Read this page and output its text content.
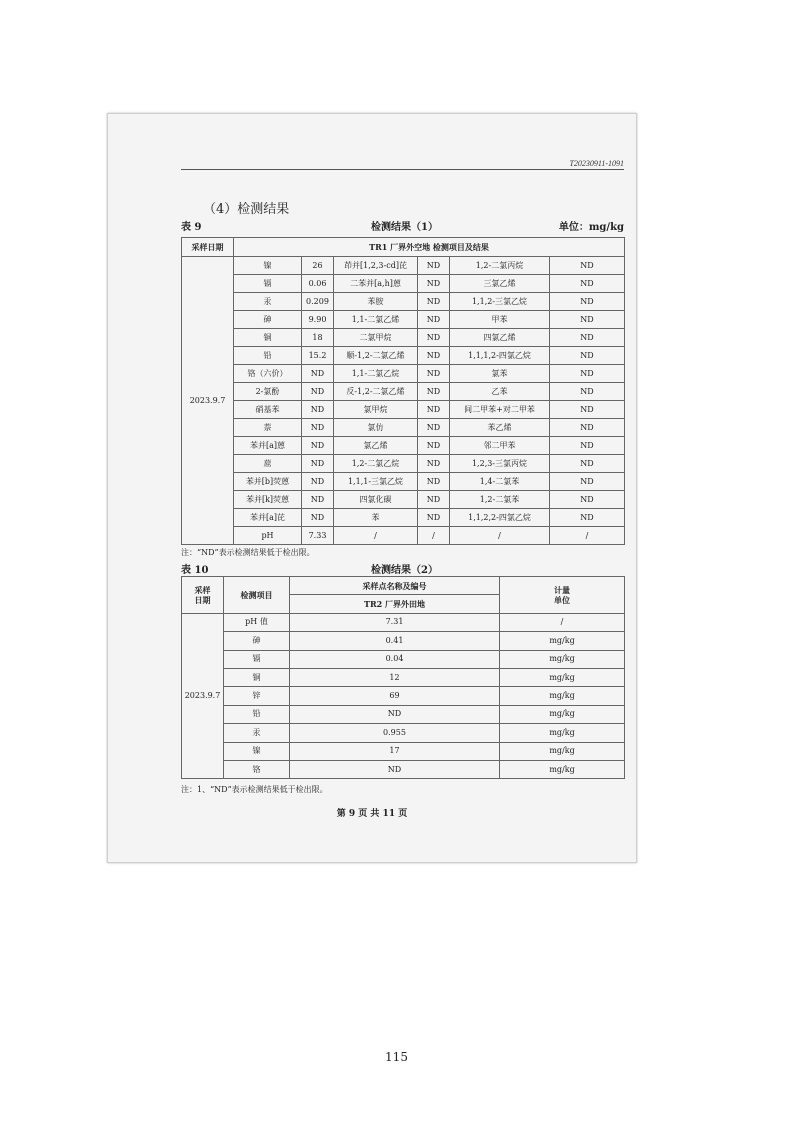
T20230911-1091
（4）检测结果
表 9	检测结果（1）	单位：mg/kg
采样日期	TR1 厂界外空地 检测项目及结果					
2023.9.7	镍	26	茚并[1,2,3-cd]芘	ND	1,2-二氯丙烷	ND
	镉	0.06	二苯并[a,h]蒽	ND	三氯乙烯	ND
	汞	0.209	苯胺	ND	1,1,2-三氯乙烷	ND
	砷	9.90	1,1-二氯乙烯	ND	甲苯	ND
	铜	18	二氯甲烷	ND	四氯乙烯	ND
	铅	15.2	顺-1,2-二氯乙烯	ND	1,1,1,2-四氯乙烷	ND
	铬（六价）	ND	1,1-二氯乙烷	ND	氯苯	ND
	2-氯酚	ND	反-1,2-二氯乙烯	ND	乙苯	ND
	硝基苯	ND	氯甲烷	ND	间二甲苯+对二甲苯	ND
	萘	ND	氯仿	ND	苯乙烯	ND
	苯并[a]蒽	ND	氯乙烯	ND	邻二甲苯	ND
	䓛	ND	1,2-二氯乙烷	ND	1,2,3-三氯丙烷	ND
	苯并[b]荧蒽	ND	1,1,1-三氯乙烷	ND	1,4-二氯苯	ND
	苯并[k]荧蒽	ND	四氯化碳	ND	1,2-二氯苯	ND
	苯并[a]芘	ND	苯	ND	1,1,2,2-四氯乙烷	ND
	pH	7.33	/	/	/	/
注：“ND”表示检测结果低于检出限。
表 10	检测结果（2）
采样
日期	检测项目	采样点名称及编号	计量
单位
		TR2 厂界外田地	
2023.9.7	pH 值	7.31	/
	砷	0.41	mg/kg
	镉	0.04	mg/kg
	铜	12	mg/kg
	锌	69	mg/kg
	铅	ND	mg/kg
	汞	0.955	mg/kg
	镍	17	mg/kg
	铬	ND	mg/kg
注：1、“ND”表示检测结果低于检出限。
第 9 页 共 11 页
115
